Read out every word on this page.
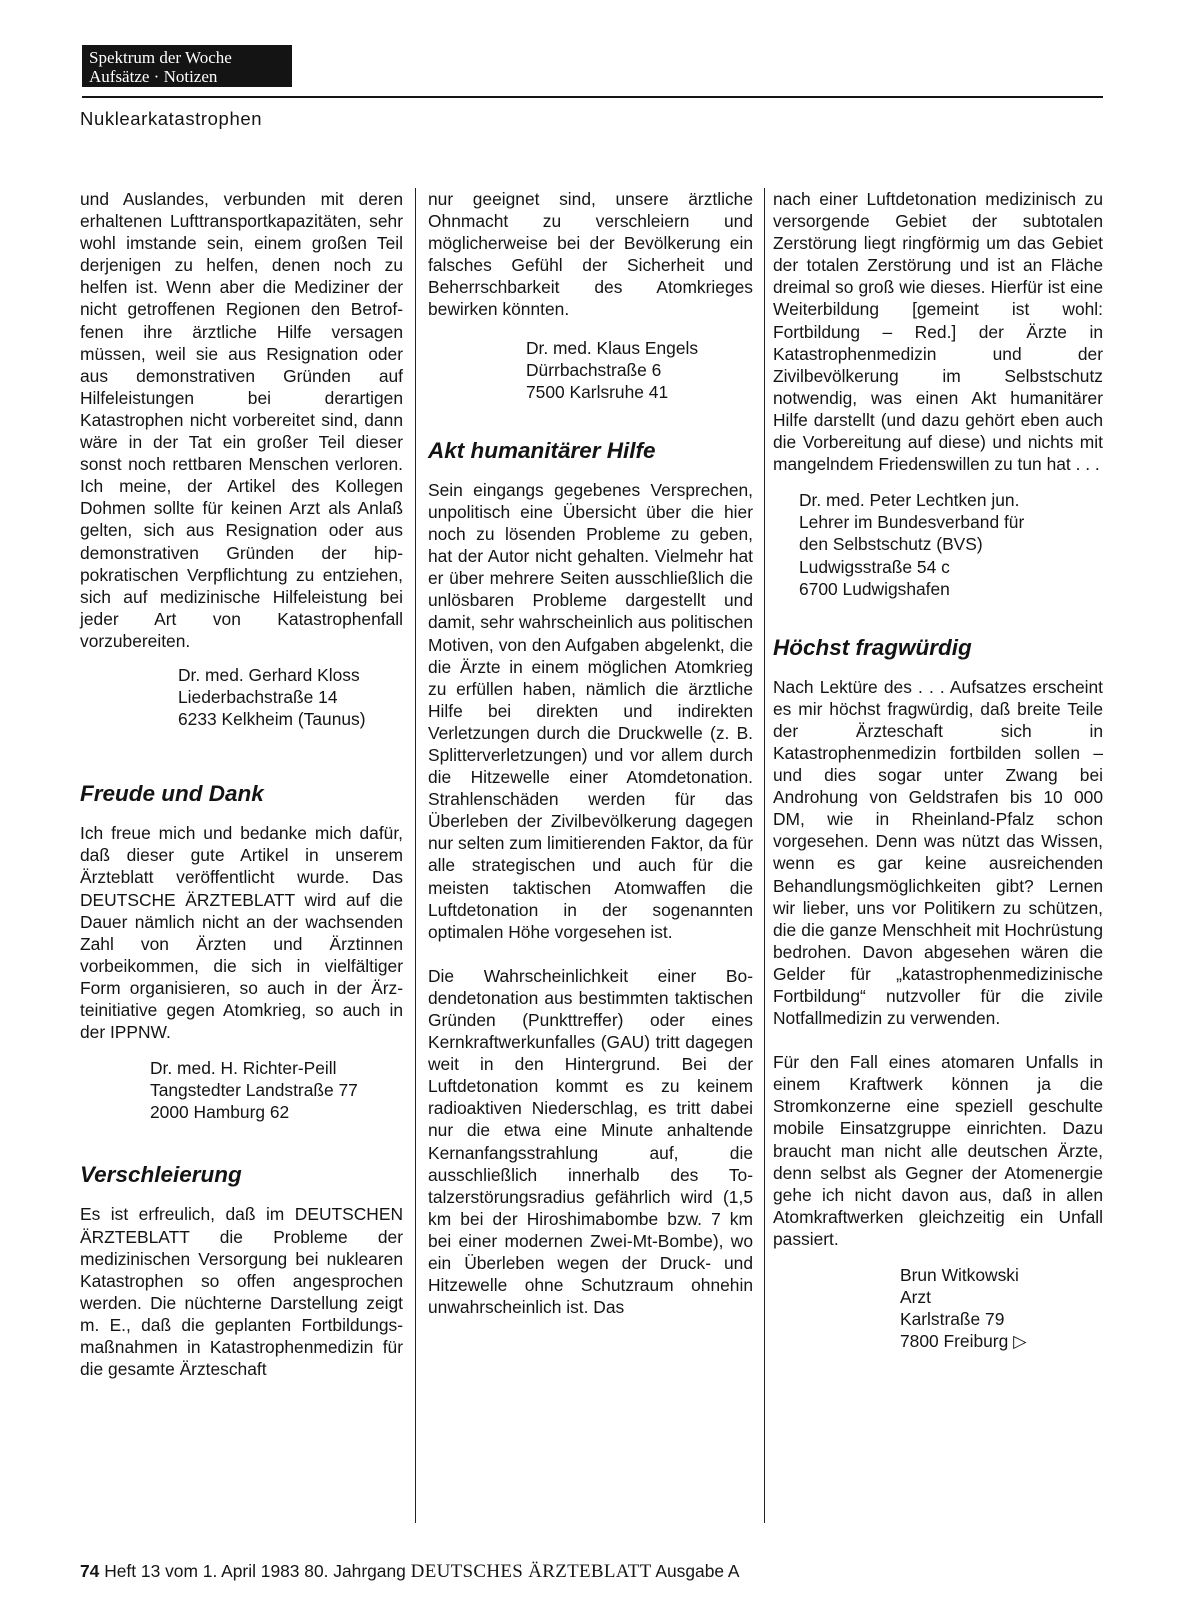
Spektrum der Woche
Aufsätze · Notizen
Nuklearkatastrophen

und Auslandes, verbunden mit deren erhaltenen Lufttransportkapazitäten, sehr wohl imstande sein, einem großen Teil derjenigen zu helfen, denen noch zu helfen ist. Wenn aber die Mediziner der nicht getroffenen Regionen den Betroffenen ihre ärztliche Hilfe versagen müssen, weil sie aus Resignation oder aus demonstrativen Gründen auf Hilfeleistungen bei derartigen Katastrophen nicht vorbereitet sind, dann wäre in der Tat ein großer Teil dieser sonst noch rettbaren Menschen verloren. Ich meine, der Artikel des Kollegen Dohmen sollte für keinen Arzt als Anlaß gelten, sich aus Resignation oder aus demonstrativen Gründen der hippokratischen Verpflichtung zu entziehen, sich auf medizinische Hilfeleistung bei jeder Art von Katastrophenfall vorzubereiten.

Dr. med. Gerhard Kloss
Liederbachstraße 14
6233 Kelkheim (Taunus)
Freude und Dank

Ich freue mich und bedanke mich dafür, daß dieser gute Artikel in unserem Ärzteblatt veröffentlicht wurde. Das DEUTSCHE ÄRZTEBLATT wird auf die Dauer nämlich nicht an der wachsenden Zahl von Ärzten und Ärztinnen vorbeikommen, die sich in vielfältiger Form organisieren, so auch in der Ärzteinitiative gegen Atomkrieg, so auch in der IPPNW.

Dr. med. H. Richter-Peill
Tangstedter Landstraße 77
2000 Hamburg 62
Verschleierung

Es ist erfreulich, daß im DEUTSCHEN ÄRZTEBLATT die Probleme der medizinischen Versorgung bei nuklearen Katastrophen so offen angesprochen werden. Die nüchterne Darstellung zeigt m. E., daß die geplanten Fortbildungsmaßnahmen in Katastrophenmedizin für die gesamte Ärzteschaft

nur geeignet sind, unsere ärztliche Ohnmacht zu verschleiern und möglicherweise bei der Bevölkerung ein falsches Gefühl der Sicherheit und Beherrschbarkeit des Atomkrieges bewirken könnten.

Dr. med. Klaus Engels
Dürrbachstraße 6
7500 Karlsruhe 41
Akt humanitärer Hilfe

Sein eingangs gegebenes Versprechen, unpolitisch eine Übersicht über die hier noch zu lösenden Probleme zu geben, hat der Autor nicht gehalten. Vielmehr hat er über mehrere Seiten ausschließlich die unlösbaren Probleme dargestellt und damit, sehr wahrscheinlich aus politischen Motiven, von den Aufgaben abgelenkt, die die Ärzte in einem möglichen Atomkrieg zu erfüllen haben, nämlich die ärztliche Hilfe bei direkten und indirekten Verletzungen durch die Druckwelle (z. B. Splitterverletzungen) und vor allem durch die Hitzewelle einer Atomdetonation. Strahlenschäden werden für das Überleben der Zivilbevölkerung dagegen nur selten zum limitierenden Faktor, da für alle strategischen und auch für die meisten taktischen Atomwaffen die Luftdetonation in der sogenannten optimalen Höhe vorgesehen ist.

Die Wahrscheinlichkeit einer Bodendetonation aus bestimmten taktischen Gründen (Punkttreffer) oder eines Kernkraftwerkunfalles (GAU) tritt dagegen weit in den Hintergrund. Bei der Luftdetonation kommt es zu keinem radioaktiven Niederschlag, es tritt dabei nur die etwa eine Minute anhaltende Kernanfangsstrahlung auf, die ausschließlich innerhalb des Totalzerstörungsradius gefährlich wird (1,5 km bei der Hiroshimabombe bzw. 7 km bei einer modernen Zwei-Mt-Bombe), wo ein Überleben wegen der Druck- und Hitzewelle ohne Schutzraum ohnehin unwahrscheinlich ist. Das

nach einer Luftdetonation medizinisch zu versorgende Gebiet der subtotalen Zerstörung liegt ringförmig um das Gebiet der totalen Zerstörung und ist an Fläche dreimal so groß wie dieses. Hierfür ist eine Weiterbildung [gemeint ist wohl: Fortbildung – Red.] der Ärzte in Katastrophenmedizin und der Zivilbevölkerung im Selbstschutz notwendig, was einen Akt humanitärer Hilfe darstellt (und dazu gehört eben auch die Vorbereitung auf diese) und nichts mit mangelndem Friedenswillen zu tun hat . . .

Dr. med. Peter Lechtken jun.
Lehrer im Bundesverband für
den Selbstschutz (BVS)
Ludwigsstraße 54 c
6700 Ludwigshafen
Höchst fragwürdig

Nach Lektüre des . . . Aufsatzes erscheint es mir höchst fragwürdig, daß breite Teile der Ärzteschaft sich in Katastrophenmedizin fortbilden sollen – und dies sogar unter Zwang bei Androhung von Geldstrafen bis 10 000 DM, wie in Rheinland-Pfalz schon vorgesehen. Denn was nützt das Wissen, wenn es gar keine ausreichenden Behandlungsmöglichkeiten gibt? Lernen wir lieber, uns vor Politikern zu schützen, die die ganze Menschheit mit Hochrüstung bedrohen. Davon abgesehen wären die Gelder für „katastrophenmedizinische Fortbildung“ nutzvoller für die zivile Notfallmedizin zu verwenden.

Für den Fall eines atomaren Unfalls in einem Kraftwerk können ja die Stromkonzerne eine speziell geschulte mobile Einsatzgruppe einrichten. Dazu braucht man nicht alle deutschen Ärzte, denn selbst als Gegner der Atomenergie gehe ich nicht davon aus, daß in allen Atomkraftwerken gleichzeitig ein Unfall passiert.

Brun Witkowski
Arzt
Karlstraße 79
7800 Freiburg ▷
74 Heft 13 vom 1. April 1983 80. Jahrgang DEUTSCHES ÄRZTEBLATT Ausgabe A
